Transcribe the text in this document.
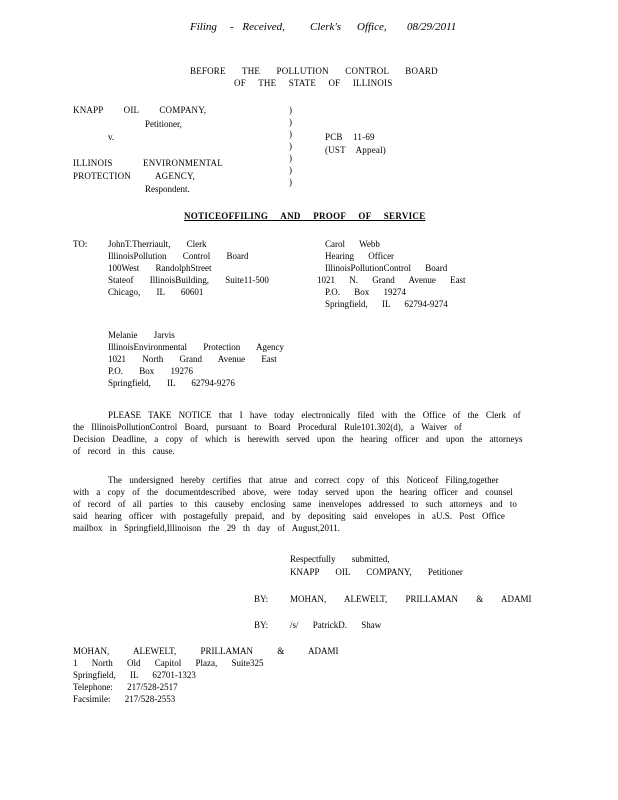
Filing - Received, Clerk's Office, 08/29/2011
BEFORE THE POLLUTION CONTROL BOARD
OF THE STATE OF ILLINOIS
KNAPP OIL COMPANY,
Petitioner,
v.
ILLINOIS ENVIRONMENTAL
PROTECTION AGENCY,
Respondent.
)
)
)
)
)
)
)
PCB 11-69
(UST Appeal)
NOTICEOFFILING AND PROOF OF SERVICE
TO: JohnT.Therriault, Clerk
IllinoisPollution Control Board
100West RandolphStreet
Stateof IllinoisBuilding, Suite11-500
Chicago, IL 60601
Carol Webb
Hearing Officer
IllinoisPollutionControl Board
1021 N. Grand Avenue East
P.O. Box 19274
Springfield, IL 62794-9274
Melanie Jarvis
IllinoisEnvironmental Protection Agency
1021 North Grand Avenue East
P.O. Box 19276
Springfield, IL 62794-9276
PLEASE TAKE NOTICE that I have today electronically filed with the Office of the Clerk of
the IllinoisPollutionControl Board, pursuant to Board Procedural Rule101.302(d), a Waiver of
Decision Deadline, a copy of which is herewith served upon the hearing officer and upon the attorneys
of record in this cause.
The undersigned hereby certifies that atrue and correct copy of this Noticeof Filing,together
with a copy of the documentdescribed above, were today served upon the hearing officer and counsel
of record of all parties to this causeby enclosing same inenvelopes addressed to such attorneys and to
said hearing officer with postagefully prepaid, and by depositing said envelopes in aU.S. Post Office
mailbox in Springfield,Illinoison the 29 th day of August,2011.
Respectfully submitted,
KNAPP OIL COMPANY, Petitioner
BY: MOHAN, ALEWELT, PRILLAMAN & ADAMI
BY: /s/ PatrickD. Shaw
MOHAN, ALEWELT, PRILLAMAN & ADAMI
1 North Old Capitol Plaza, Suite325
Springfield, IL 62701-1323
Telephone: 217/528-2517
Facsimile: 217/528-2553
